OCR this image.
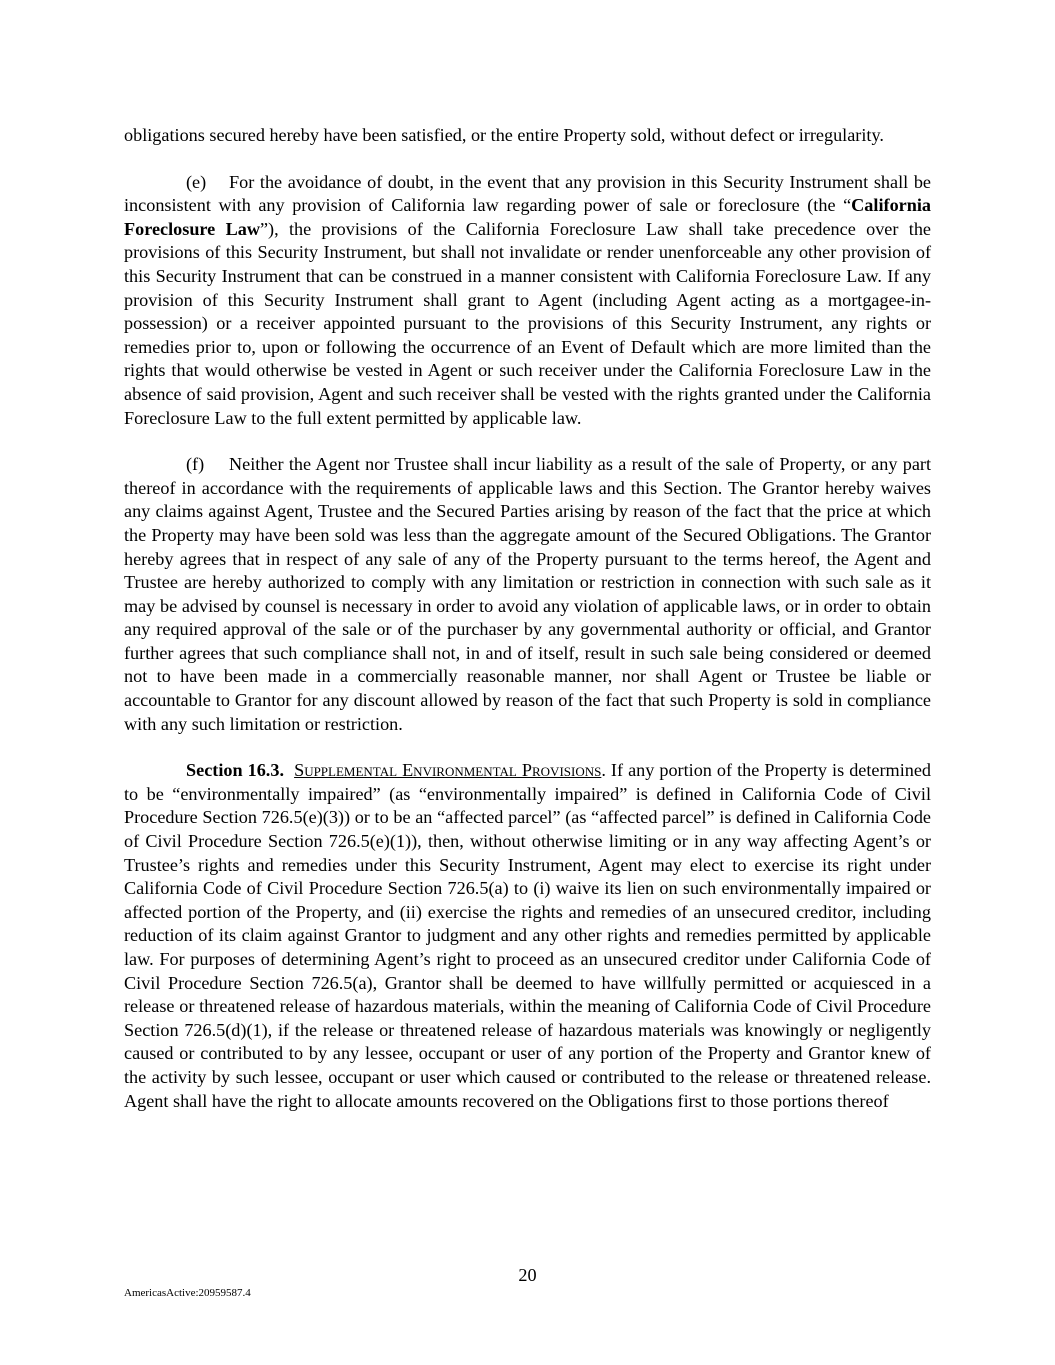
obligations secured hereby have been satisfied, or the entire Property sold, without defect or irregularity.

(e) For the avoidance of doubt, in the event that any provision in this Security Instrument shall be inconsistent with any provision of California law regarding power of sale or foreclosure (the “California Foreclosure Law”), the provisions of the California Foreclosure Law shall take precedence over the provisions of this Security Instrument, but shall not invalidate or render unenforceable any other provision of this Security Instrument that can be construed in a manner consistent with California Foreclosure Law. If any provision of this Security Instrument shall grant to Agent (including Agent acting as a mortgagee-in-possession) or a receiver appointed pursuant to the provisions of this Security Instrument, any rights or remedies prior to, upon or following the occurrence of an Event of Default which are more limited than the rights that would otherwise be vested in Agent or such receiver under the California Foreclosure Law in the absence of said provision, Agent and such receiver shall be vested with the rights granted under the California Foreclosure Law to the full extent permitted by applicable law.

(f) Neither the Agent nor Trustee shall incur liability as a result of the sale of Property, or any part thereof in accordance with the requirements of applicable laws and this Section. The Grantor hereby waives any claims against Agent, Trustee and the Secured Parties arising by reason of the fact that the price at which the Property may have been sold was less than the aggregate amount of the Secured Obligations. The Grantor hereby agrees that in respect of any sale of any of the Property pursuant to the terms hereof, the Agent and Trustee are hereby authorized to comply with any limitation or restriction in connection with such sale as it may be advised by counsel is necessary in order to avoid any violation of applicable laws, or in order to obtain any required approval of the sale or of the purchaser by any governmental authority or official, and Grantor further agrees that such compliance shall not, in and of itself, result in such sale being considered or deemed not to have been made in a commercially reasonable manner, nor shall Agent or Trustee be liable or accountable to Grantor for any discount allowed by reason of the fact that such Property is sold in compliance with any such limitation or restriction.

Section 16.3. Supplemental Environmental Provisions. If any portion of the Property is determined to be “environmentally impaired” (as “environmentally impaired” is defined in California Code of Civil Procedure Section 726.5(e)(3)) or to be an “affected parcel” (as “affected parcel” is defined in California Code of Civil Procedure Section 726.5(e)(1)), then, without otherwise limiting or in any way affecting Agent’s or Trustee’s rights and remedies under this Security Instrument, Agent may elect to exercise its right under California Code of Civil Procedure Section 726.5(a) to (i) waive its lien on such environmentally impaired or affected portion of the Property, and (ii) exercise the rights and remedies of an unsecured creditor, including reduction of its claim against Grantor to judgment and any other rights and remedies permitted by applicable law. For purposes of determining Agent’s right to proceed as an unsecured creditor under California Code of Civil Procedure Section 726.5(a), Grantor shall be deemed to have willfully permitted or acquiesced in a release or threatened release of hazardous materials, within the meaning of California Code of Civil Procedure Section 726.5(d)(1), if the release or threatened release of hazardous materials was knowingly or negligently caused or contributed to by any lessee, occupant or user of any portion of the Property and Grantor knew of the activity by such lessee, occupant or user which caused or contributed to the release or threatened release. Agent shall have the right to allocate amounts recovered on the Obligations first to those portions thereof

20
AmericasActive:20959587.4
